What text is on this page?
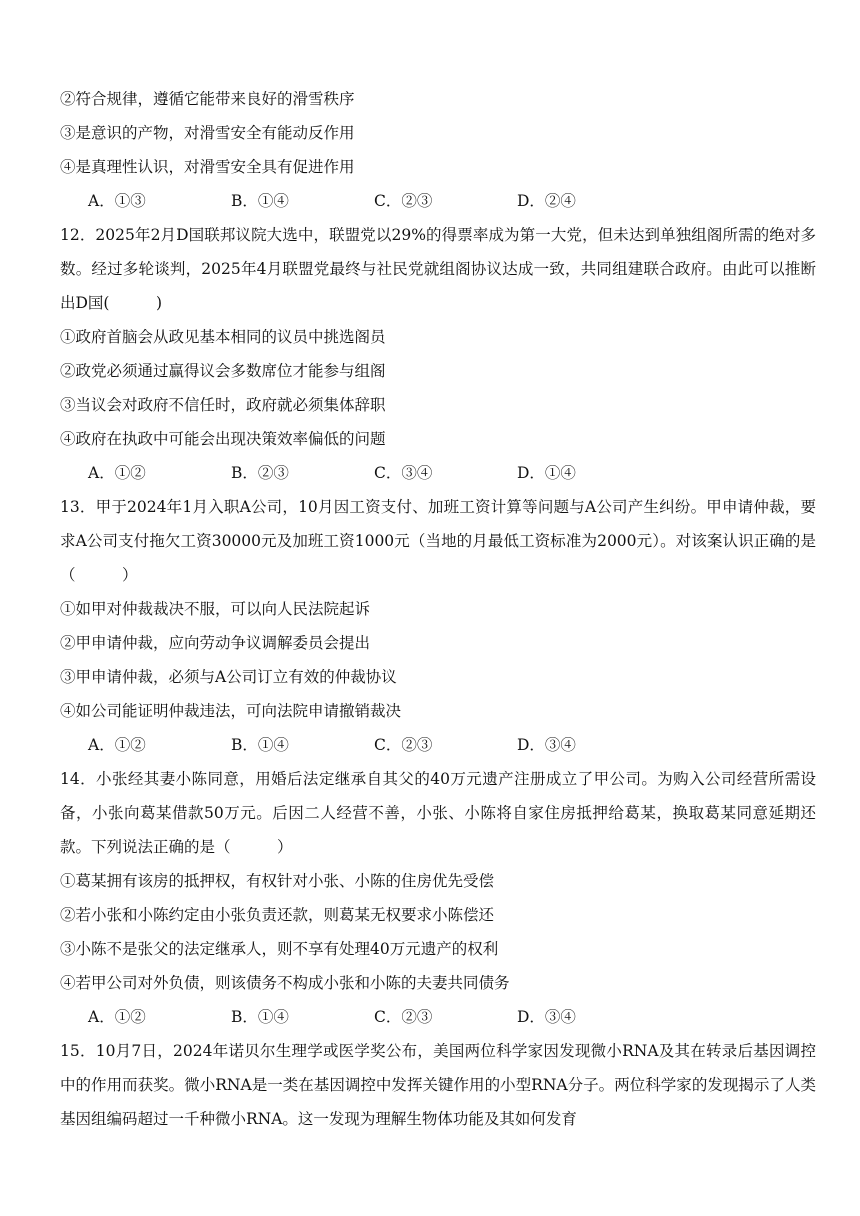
②符合规律，遵循它能带来良好的滑雪秩序
③是意识的产物，对滑雪安全有能动反作用
④是真理性认识，对滑雪安全具有促进作用
A．①③	B．①④	C．②③	D．②④
12．2025年2月D国联邦议院大选中，联盟党以29%的得票率成为第一大党，但未达到单独组阁所需的绝对多数。经过多轮谈判，2025年4月联盟党最终与社民党就组阁协议达成一致，共同组建联合政府。由此可以推断出D国(　　　)
①政府首脑会从政见基本相同的议员中挑选阁员
②政党必须通过赢得议会多数席位才能参与组阁
③当议会对政府不信任时，政府就必须集体辞职
④政府在执政中可能会出现决策效率偏低的问题
A．①②	B．②③	C．③④	D．①④
13．甲于2024年1月入职A公司，10月因工资支付、加班工资计算等问题与A公司产生纠纷。甲申请仲裁，要求A公司支付拖欠工资30000元及加班工资1000元（当地的月最低工资标准为2000元）。对该案认识正确的是（　　　）
①如甲对仲裁裁决不服，可以向人民法院起诉
②甲申请仲裁，应向劳动争议调解委员会提出
③甲申请仲裁，必须与A公司订立有效的仲裁协议
④如公司能证明仲裁违法，可向法院申请撤销裁决
A．①②	B．①④	C．②③	D．③④
14．小张经其妻小陈同意，用婚后法定继承自其父的40万元遗产注册成立了甲公司。为购入公司经营所需设备，小张向葛某借款50万元。后因二人经营不善，小张、小陈将自家住房抵押给葛某，换取葛某同意延期还款。下列说法正确的是（　　　）
①葛某拥有该房的抵押权，有权针对小张、小陈的住房优先受偿
②若小张和小陈约定由小张负责还款，则葛某无权要求小陈偿还
③小陈不是张父的法定继承人，则不享有处理40万元遗产的权利
④若甲公司对外负债，则该债务不构成小张和小陈的夫妻共同债务
A．①②	B．①④	C．②③	D．③④
15．10月7日，2024年诺贝尔生理学或医学奖公布，美国两位科学家因发现微小RNA及其在转录后基因调控中的作用而获奖。微小RNA是一类在基因调控中发挥关键作用的小型RNA分子。两位科学家的发现揭示了人类基因组编码超过一千种微小RNA。这一发现为理解生物体功能及其如何发育
